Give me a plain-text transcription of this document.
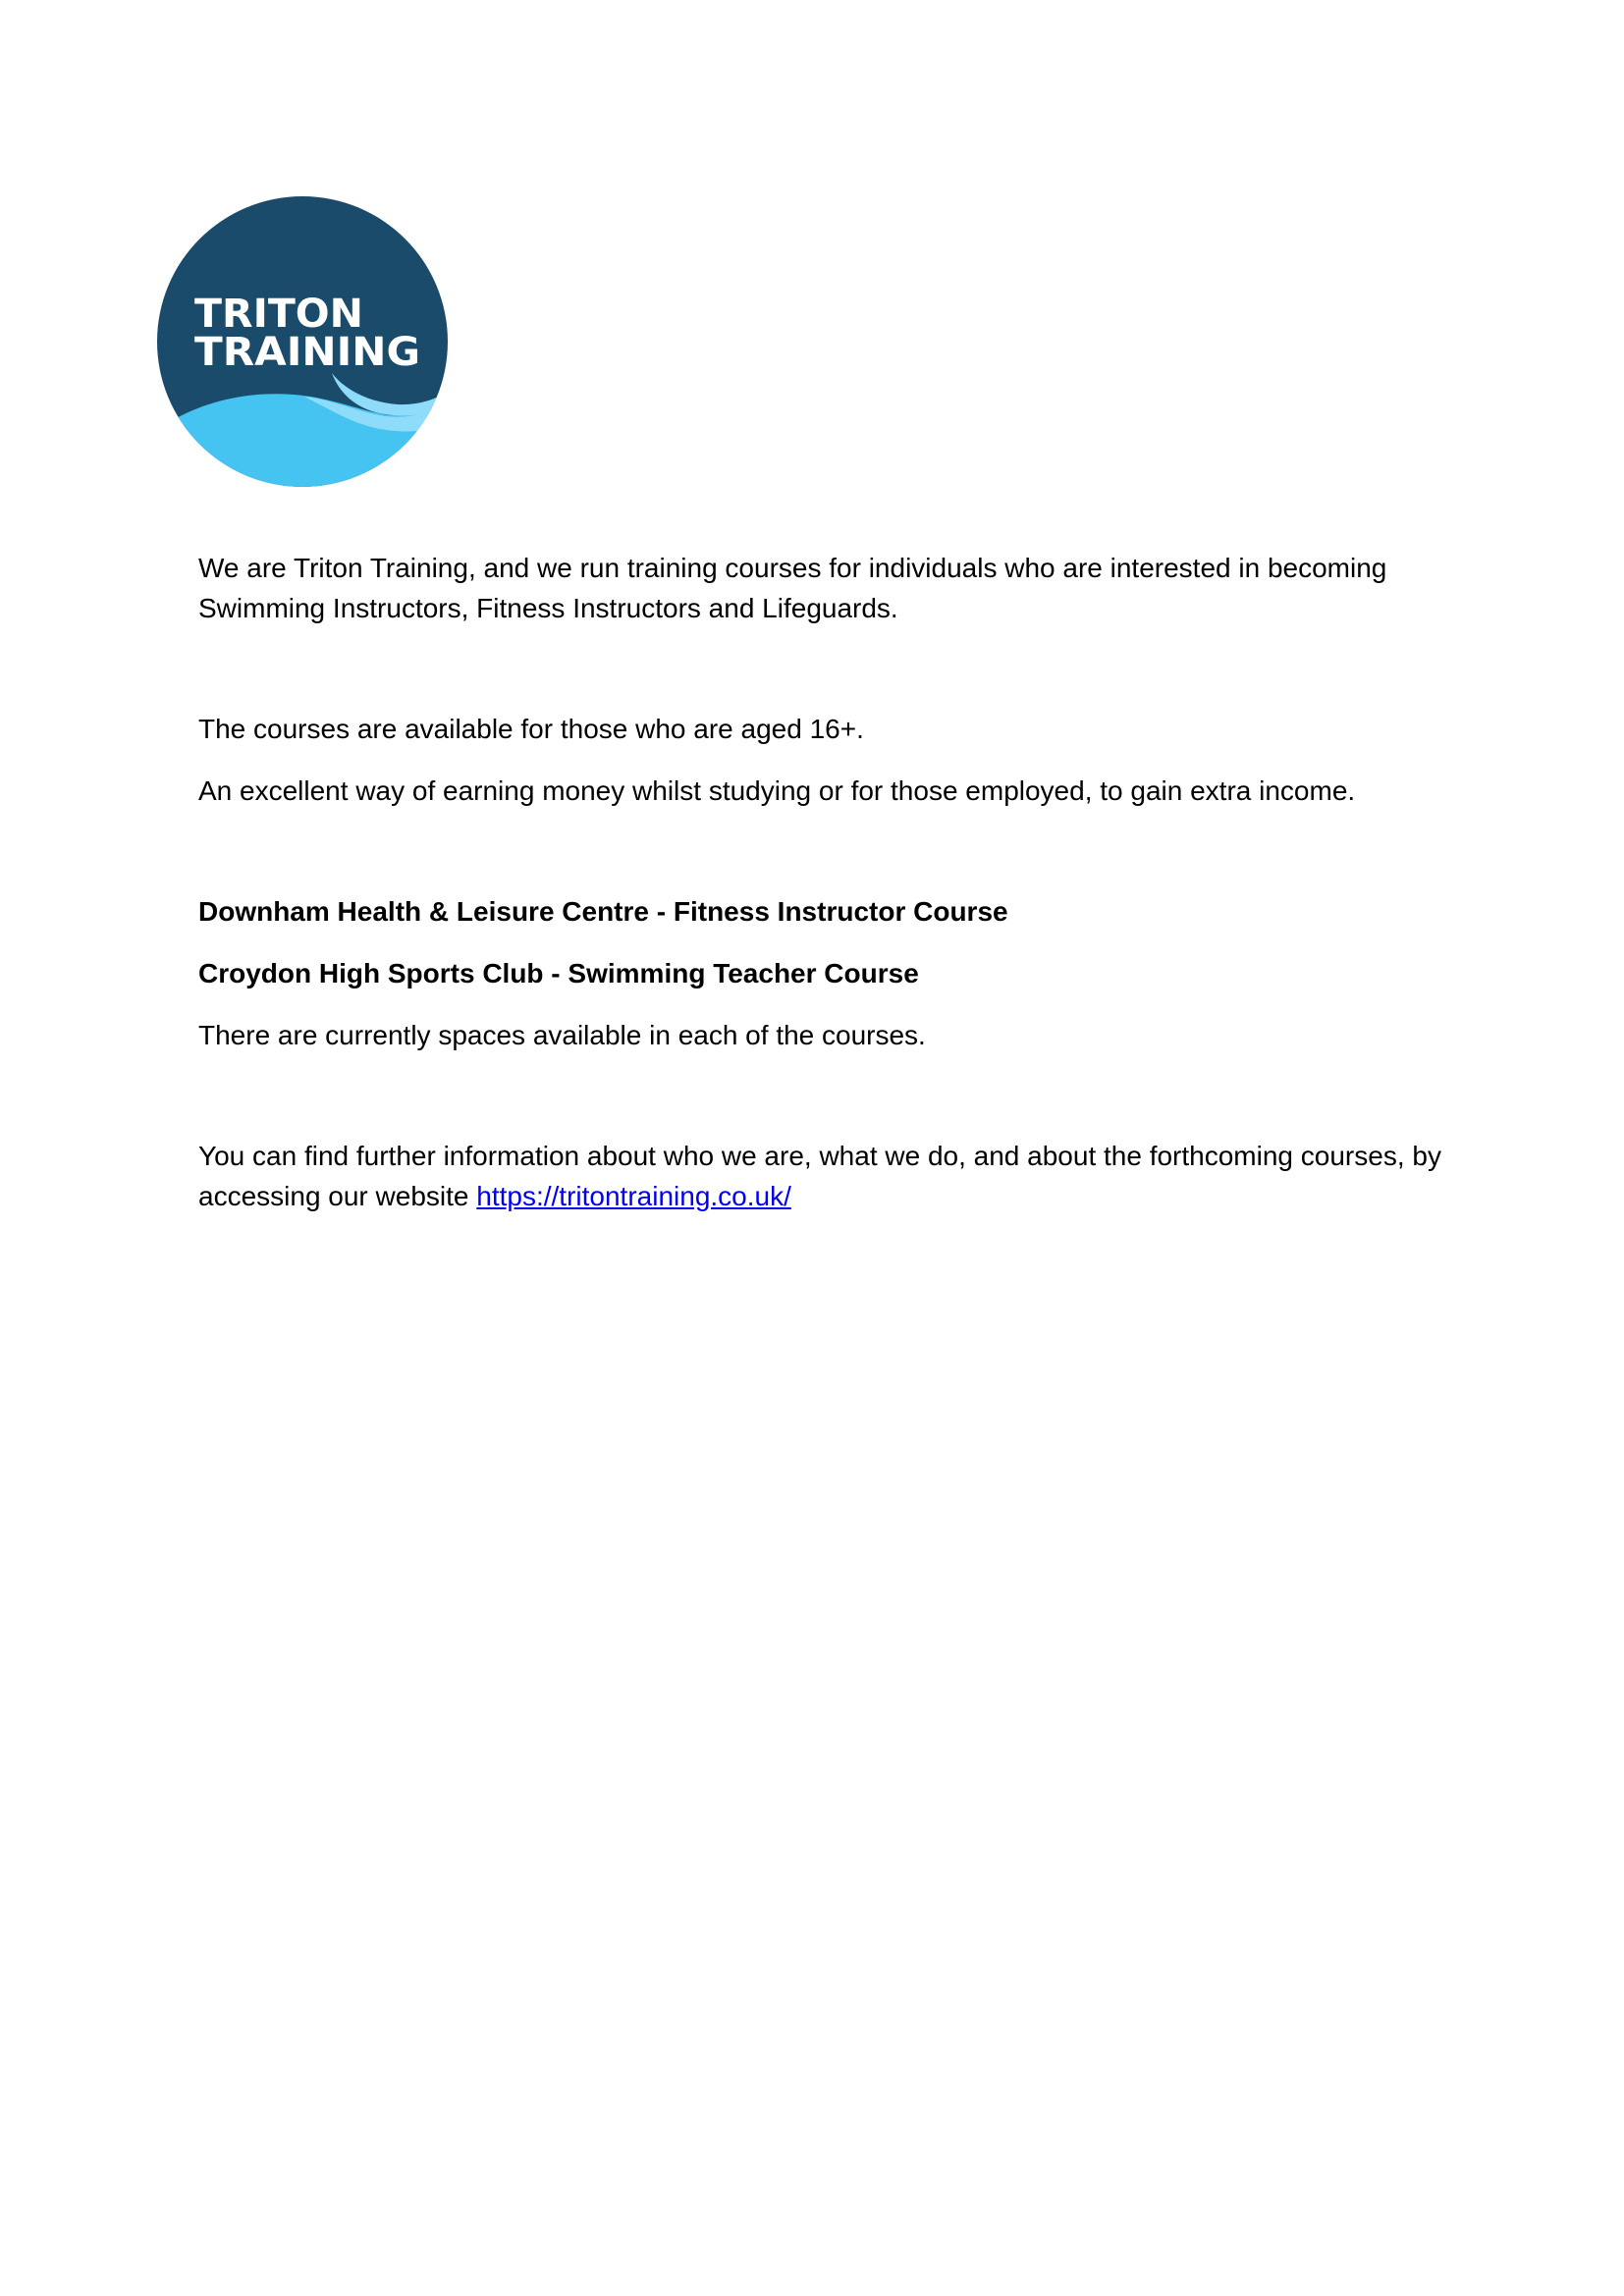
TRITON
TRAINING

We are Triton Training, and we run training courses for individuals who are interested in becoming Swimming Instructors, Fitness Instructors and Lifeguards.

The courses are available for those who are aged 16+.

An excellent way of earning money whilst studying or for those employed, to gain extra income.

Downham Health & Leisure Centre - Fitness Instructor Course

Croydon High Sports Club - Swimming Teacher Course

There are currently spaces available in each of the courses.

You can find further information about who we are, what we do, and about the forthcoming courses, by accessing our website https://tritontraining.co.uk/
